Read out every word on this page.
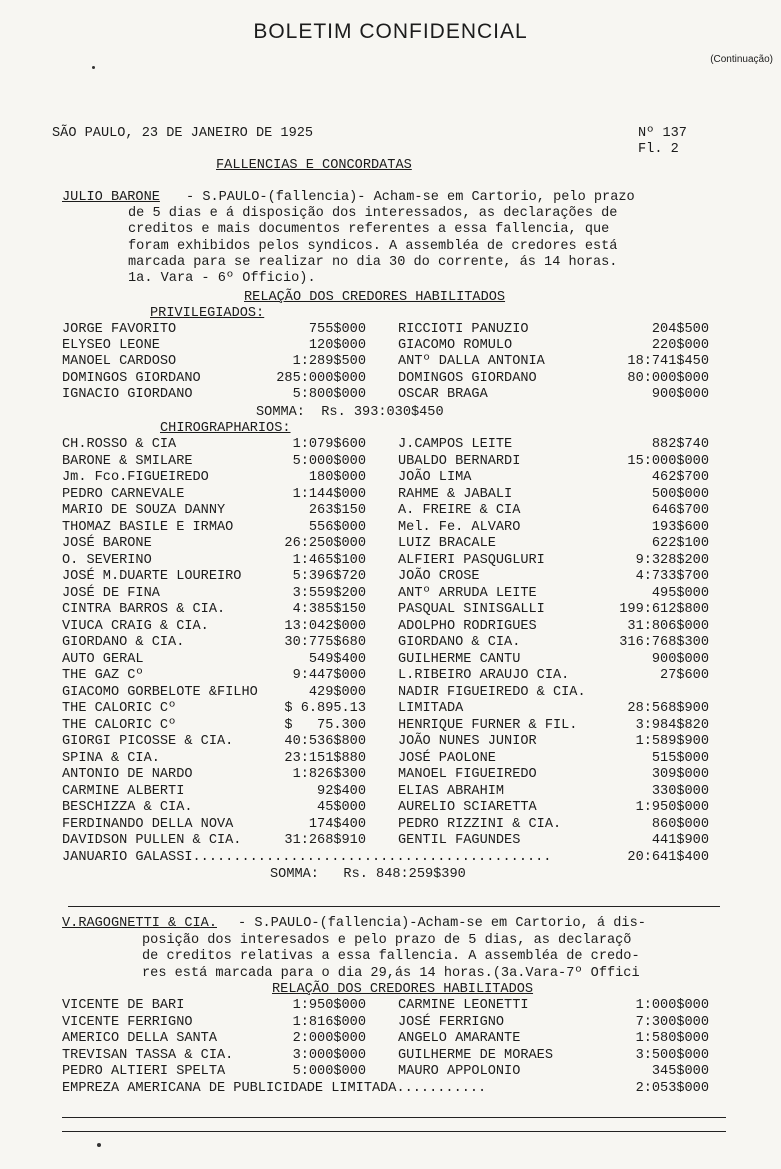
BOLETIM CONFIDENCIAL
(Continuação)
SÃO PAULO, 23 DE JANEIRO DE 1925	Nº 137
Fl. 2
FALLENCIAS E CONCORDATAS
JULIO BARONE - S.PAULO-(fallencia)- Acham-se em Cartorio, pelo prazo
de 5 dias e á disposição dos interessados, as declarações de
creditos e mais documentos referentes a essa fallencia, que
foram exhibidos pelos syndicos. A assembléa de credores está
marcada para se realizar no dia 30 do corrente, ás 14 horas.
1a. Vara - 6º Officio).
RELAÇÃO DOS CREDORES HABILITADOS
PRIVILEGIADOS:
JORGE FAVORITO	755$000 RICCIOTI PANUZIO	204$500
ELYSEO LEONE	120$000 GIACOMO ROMULO	220$000
MANOEL CARDOSO	1:289$500 ANTº DALLA ANTONIA	18:741$450
DOMINGOS GIORDANO	285:000$000 DOMINGOS GIORDANO	80:000$000
IGNACIO GIORDANO	5:800$000 OSCAR BRAGA	900$000
SOMMA:  Rs. 393:030$450
CHIROGRAPHARIOS:
CH.ROSSO & CIA	1:079$600 J.CAMPOS LEITE	882$740
BARONE & SMILARE	5:000$000 UBALDO BERNARDI	15:000$000
Jm. Fco.FIGUEIREDO	180$000 JOÃO LIMA	462$700
PEDRO CARNEVALE	1:144$000 RAHME & JABALI	500$000
MARIO DE SOUZA DANNY	263$150 A. FREIRE & CIA	646$700
THOMAZ BASILE E IRMAO	556$000 Mel. Fe. ALVARO	193$600
JOSÉ BARONE	26:250$000 LUIZ BRACALE	622$100
O. SEVERINO	1:465$100 ALFIERI PASQUGLURI	9:328$200
JOSÉ M.DUARTE LOUREIRO	5:396$720 JOÃO CROSE	4:733$700
JOSÉ DE FINA	3:559$200 ANTº ARRUDA LEITE	495$000
CINTRA BARROS & CIA.	4:385$150 PASQUAL SINISGALLI	199:612$800
VIUCA CRAIG & CIA.	13:042$000 ADOLPHO RODRIGUES	31:806$000
GIORDANO & CIA.	30:775$680 GIORDANO & CIA.	316:768$300
AUTO GERAL	549$400 GUILHERME CANTU	900$000
THE GAZ Cº	9:447$000 L.RIBEIRO ARAUJO CIA.	27$600
GIACOMO GORBELOTE &FILHO	429$000 NADIR FIGUEIREDO & CIA.
THE CALORIC Cº	$ 6.895.13 LIMITADA	28:568$900
THE CALORIC Cº	$   75.300 HENRIQUE FURNER & FIL.	3:984$820
GIORGI PICOSSE & CIA.	40:536$800 JOÃO NUNES JUNIOR	1:589$900
SPINA & CIA.	23:151$880 JOSÉ PAOLONE	515$000
ANTONIO DE NARDO	1:826$300 MANOEL FIGUEIREDO	309$000
CARMINE ALBERTI	92$400 ELIAS ABRAHIM	330$000
BESCHIZZA & CIA.	45$000 AURELIO SCIARETTA	1:950$000
FERDINANDO DELLA NOVA	174$400 PEDRO RIZZINI & CIA.	860$000
DAVIDSON PULLEN & CIA.	31:268$910 GENTIL FAGUNDES	441$900
JANUARIO GALASSI............................................	20:641$400
SOMMA:   Rs. 848:259$390
V.RAGOGNETTI & CIA. - S.PAULO-(fallencia)-Acham-se em Cartorio, á dis-
posição dos interesados e pelo prazo de 5 dias, as declaraçõ
de creditos relativas a essa fallencia. A assembléa de credo-
res está marcada para o dia 29,ás 14 horas.(3a.Vara-7º Offici
RELAÇÃO DOS CREDORES HABILITADOS
VICENTE DE BARI	1:950$000 CARMINE LEONETTI	1:000$000
VICENTE FERRIGNO	1:816$000 JOSÉ FERRIGNO	7:300$000
AMERICO DELLA SANTA	2:000$000 ANGELO AMARANTE	1:580$000
TREVISAN TASSA & CIA.	3:000$000 GUILHERME DE MORAES	3:500$000
PEDRO ALTIERI SPELTA	5:000$000 MAURO APPOLONIO	345$000
EMPREZA AMERICANA DE PUBLICIDADE LIMITADA...........	2:053$000
